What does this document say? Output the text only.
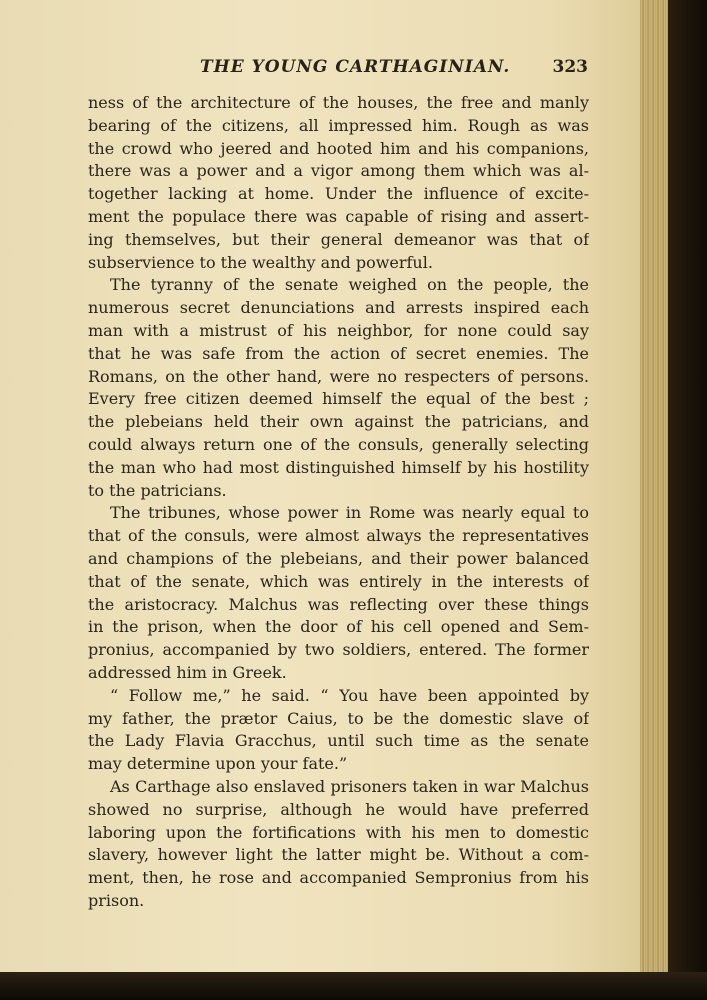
THE YOUNG CARTHAGINIAN. 323
ness of the architecture of the houses, the free and manly
bearing of the citizens, all impressed him. Rough as was
the crowd who jeered and hooted him and his companions,
there was a power and a vigor among them which was al-
together lacking at home. Under the influence of excite-
ment the populace there was capable of rising and assert-
ing themselves, but their general demeanor was that of
subservience to the wealthy and powerful.
The tyranny of the senate weighed on the people, the
numerous secret denunciations and arrests inspired each
man with a mistrust of his neighbor, for none could say
that he was safe from the action of secret enemies. The
Romans, on the other hand, were no respecters of persons.
Every free citizen deemed himself the equal of the best ;
the plebeians held their own against the patricians, and
could always return one of the consuls, generally selecting
the man who had most distinguished himself by his hostility
to the patricians.
The tribunes, whose power in Rome was nearly equal to
that of the consuls, were almost always the representatives
and champions of the plebeians, and their power balanced
that of the senate, which was entirely in the interests of
the aristocracy. Malchus was reflecting over these things
in the prison, when the door of his cell opened and Sem-
pronius, accompanied by two soldiers, entered. The former
addressed him in Greek.
“ Follow me,” he said. “ You have been appointed by
my father, the prætor Caius, to be the domestic slave of
the Lady Flavia Gracchus, until such time as the senate
may determine upon your fate.”
As Carthage also enslaved prisoners taken in war Malchus
showed no surprise, although he would have preferred
laboring upon the fortifications with his men to domestic
slavery, however light the latter might be. Without a com-
ment, then, he rose and accompanied Sempronius from his
prison.
